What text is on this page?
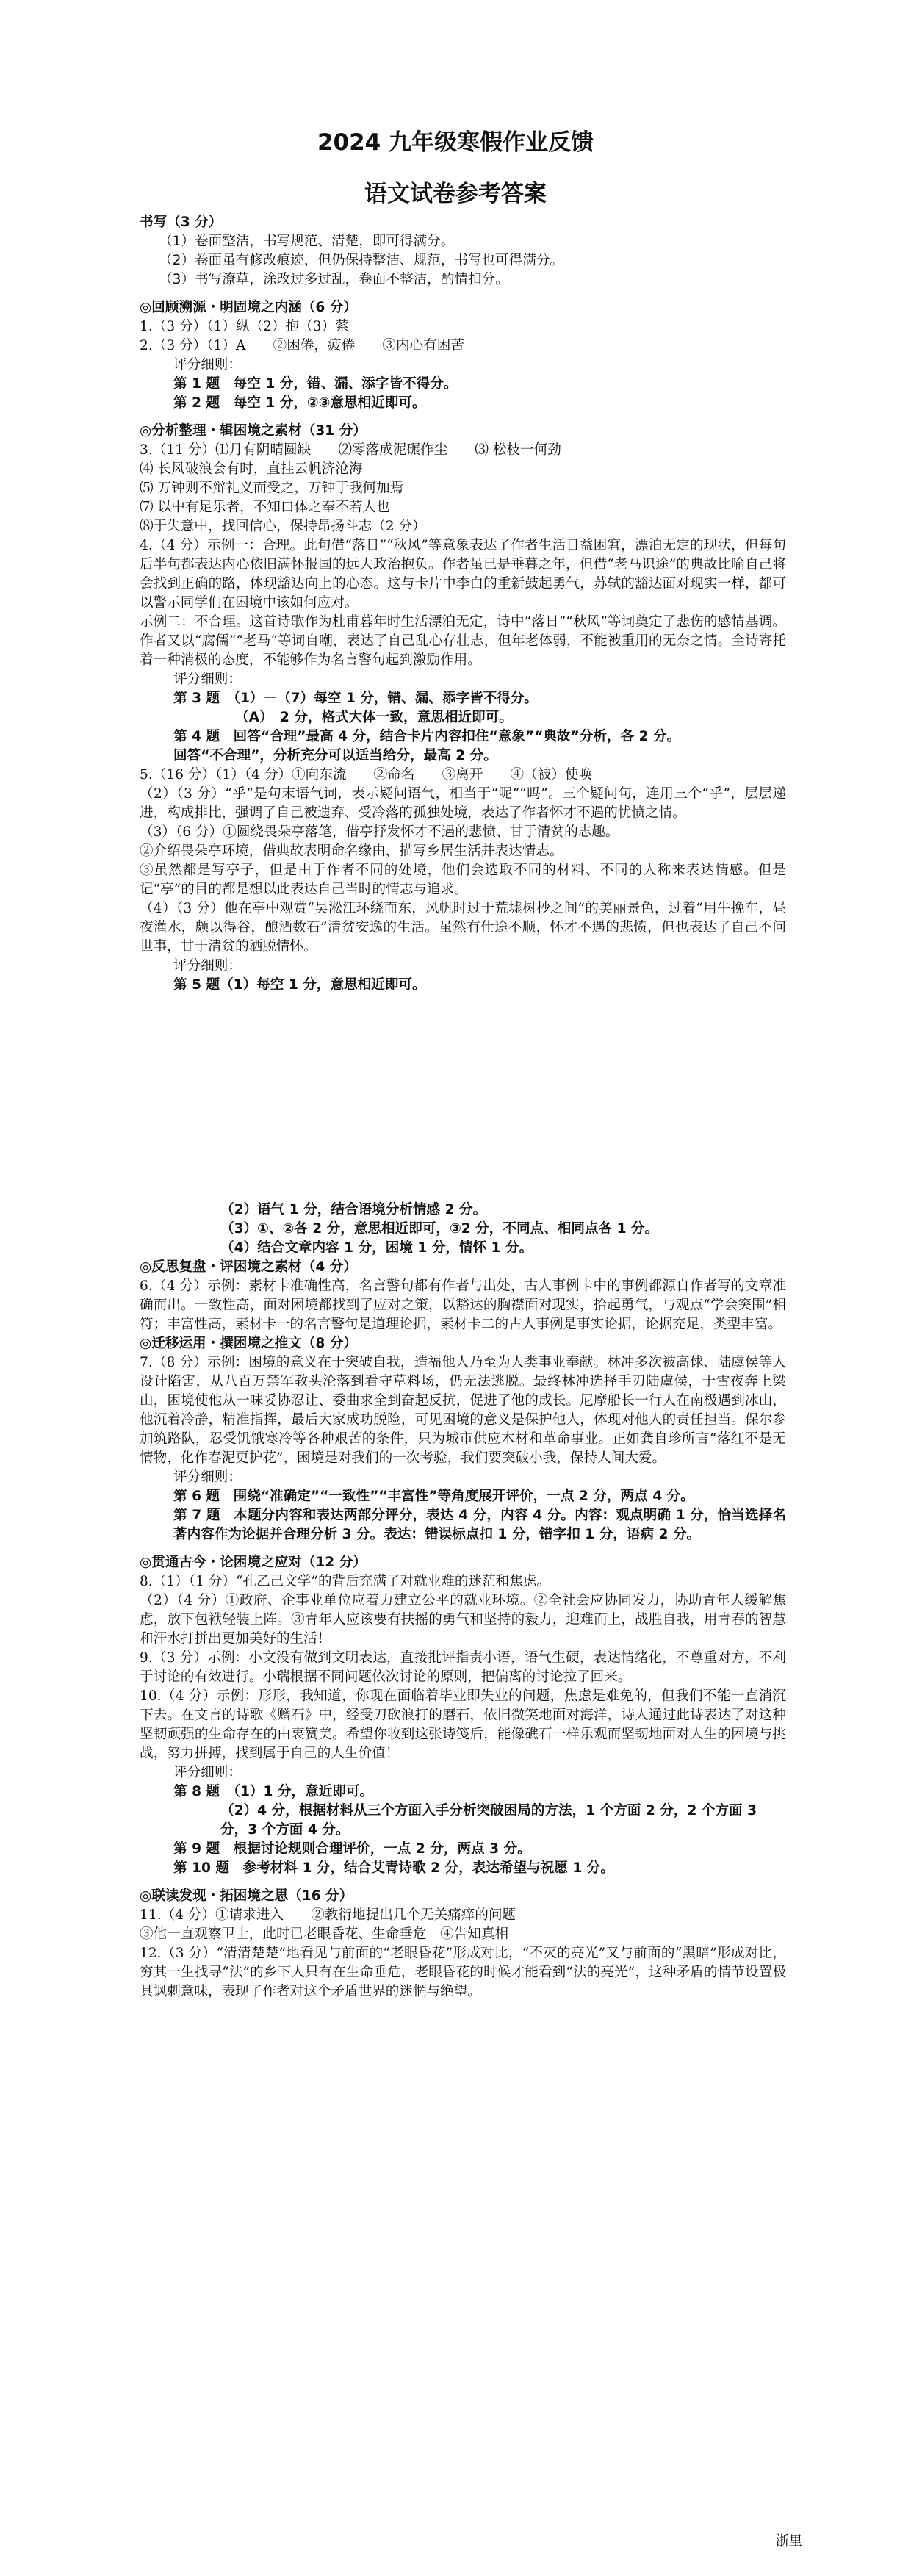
2024 九年级寒假作业反馈
语文试卷参考答案

书写（3 分）

（1）卷面整洁，书写规范、清楚，即可得满分。

（2）卷面虽有修改痕迹，但仍保持整洁、规范，书写也可得满分。

（3）书写潦草，涂改过多过乱，卷面不整洁，酌情扣分。

◎回顾溯源・明固境之内涵（6 分）

1.（3 分）（1）纵（2）抱（3）萦

2.（3 分）（1）A　　②困倦，疲倦　　③内心有困苦

评分细则：

第 1 题　每空 1 分，错、漏、添字皆不得分。

第 2 题　每空 1 分，②③意思相近即可。

◎分析整理・辑困境之素材（31 分）

3.（11 分）⑴月有阴晴圆缺　　⑵零落成泥碾作尘　　⑶ 松枝一何劲

⑷ 长风破浪会有时，直挂云帆济沧海

⑸ 万钟则不辩礼义而受之，万钟于我何加焉

⑺ 以中有足乐者，不知口体之奉不若人也

⑻于失意中，找回信心，保持昂扬斗志（2 分）

4.（4 分）示例一：合理。此句借“落日”“秋风”等意象表达了作者生活日益困窘，漂泊无定的现状，但每句后半句都表达内心依旧满怀报国的远大政治抱负。作者虽已是垂暮之年，但借“老马识途”的典故比喻自己将会找到正确的路，体现豁达向上的心态。这与卡片中李白的重新鼓起勇气，苏轼的豁达面对现实一样，都可以警示同学们在困境中该如何应对。

示例二：不合理。这首诗歌作为杜甫暮年时生活漂泊无定，诗中“落日”“秋风”等词奠定了悲伤的感情基调。作者又以“腐儒”“老马”等词自嘲，表达了自己乱心存壮志，但年老体弱，不能被重用的无奈之情。全诗寄托着一种消极的态度，不能够作为名言警句起到激励作用。

评分细则：

第 3 题　（1）－（7）每空 1 分，错、漏、添字皆不得分。

（A）　2 分，格式大体一致，意思相近即可。

第 4 题　回答“合理”最高 4 分，结合卡片内容扣住“意象”“典故”分析，各 2 分。

回答“不合理”，分析充分可以适当给分，最高 2 分。

5.（16 分）（1）（4 分）①向东流　　②命名　　③离开　　④（被）使唤

（2）（3 分）“乎”是句末语气词，表示疑问语气，相当于“呢”“吗”。三个疑问句，连用三个“乎”，层层递进，构成排比，强调了自己被遗弃、受冷落的孤独处境，表达了作者怀才不遇的忧愤之情。

（3）（6 分）①圆绕畏朵亭落笔，借亭抒发怀才不遇的悲愤、甘于清贫的志趣。

②介绍畏朵亭环境，借典故表明命名缘由，描写乡居生活并表达情志。

③虽然都是写亭子，但是由于作者不同的处境，他们会选取不同的材料、不同的人称来表达情感。但是记“亭”的目的都是想以此表达自己当时的情志与追求。

（4）（3 分）他在亭中观赏“吴淞江环绕而东，风帆时过于荒墟树杪之间”的美丽景色，过着“用牛挽车，昼夜灌水，颇以得谷，酿酒数石”清贫安逸的生活。虽然有仕途不顺，怀才不遇的悲愤，但也表达了自己不问世事，甘于清贫的洒脱情怀。

评分细则：

第 5 题（1）每空 1 分，意思相近即可。

（2）语气 1 分，结合语境分析情感 2 分。

（3）①、②各 2 分，意思相近即可，③2 分，不同点、相同点各 1 分。

（4）结合文章内容 1 分，困境 1 分，情怀 1 分。

◎反思复盘・评困境之素材（4 分）

6.（4 分）示例：素材卡准确性高，名言警句都有作者与出处，古人事例卡中的事例都源自作者写的文章准确而出。一致性高，面对困境都找到了应对之策，以豁达的胸襟面对现实，拾起勇气，与观点“学会突围”相符；丰富性高，素材卡一的名言警句是道理论据，素材卡二的古人事例是事实论据，论据充足，类型丰富。

◎迁移运用・撰困境之推文（8 分）

7.（8 分）示例：困境的意义在于突破自我，造福他人乃至为人类事业奉献。林冲多次被高俅、陆虞侯等人设计陷害，从八百万禁军教头沦落到看守草料场，仍无法逃脱。最终林冲选择手刃陆虞侯，于雪夜奔上梁山，困境使他从一味妥协忍让、委曲求全到奋起反抗，促进了他的成长。尼摩船长一行人在南极遇到冰山，他沉着冷静，精准指挥，最后大家成功脱险，可见困境的意义是保护他人，体现对他人的责任担当。保尔参加筑路队，忍受饥饿寒冷等各种艰苦的条件，只为城市供应木材和革命事业。正如龚自珍所言“落红不是无情物，化作春泥更护花”，困境是对我们的一次考验，我们要突破小我，保持人间大爱。

评分细则：

第 6 题　围绕“准确定”“一致性”“丰富性”等角度展开评价，一点 2 分，两点 4 分。

第 7 题　本题分内容和表达两部分评分，表达 4 分，内容 4 分。内容：观点明确 1 分，恰当选择名著内容作为论据并合理分析 3 分。表达：错误标点扣 1 分，错字扣 1 分，语病 2 分。

◎贯通古今・论困境之应对（12 分）

8.（1）（1 分）“孔乙己文学”的背后充满了对就业难的迷茫和焦虑。

（2）（4 分）①政府、企事业单位应着力建立公平的就业环境。②全社会应协同发力，协助青年人缓解焦虑，放下包袱轻装上阵。③青年人应该要有扶摇的勇气和坚持的毅力，迎难而上，战胜自我，用青春的智慧和汗水打拼出更加美好的生活！

9.（3 分）示例：小文没有做到文明表达，直接批评指责小语，语气生硬，表达情绪化，不尊重对方，不利于讨论的有效进行。小瑞根据不同问题依次讨论的原则，把偏离的讨论拉了回来。

10.（4 分）示例：形形，我知道，你现在面临着毕业即失业的问题，焦虑是难免的，但我们不能一直消沉下去。在文言的诗歌《赠石》中，经受刀砍浪打的磨石，依旧微笑地面对海洋，诗人通过此诗表达了对这种坚韧顽强的生命存在的由衷赞美。希望你收到这张诗笺后，能像礁石一样乐观而坚韧地面对人生的困境与挑战，努力拼搏，找到属于自己的人生价值！

评分细则：

第 8 题　（1）1 分，意近即可。

（2）4 分，根据材料从三个方面入手分析突破困局的方法，1 个方面 2 分，2 个方面 3 分，3 个方面 4 分。

第 9 题　根据讨论规则合理评价，一点 2 分，两点 3 分。

第 10 题　参考材料 1 分，结合艾青诗歌 2 分，表达希望与祝愿 1 分。

◎联读发现・拓困境之思（16 分）

11.（4 分）①请求进入　　②教衍地提出几个无关痛痒的问题

③他一直观察卫士，此时已老眼昏花、生命垂危　④告知真相

12.（3 分）“清清楚楚”地看见与前面的“老眼昏花”形成对比，“不灭的亮光”又与前面的“黑暗”形成对比，穷其一生找寻“法”的乡下人只有在生命垂危，老眼昏花的时候才能看到“法的亮光”，这种矛盾的情节设置极具讽刺意味，表现了作者对这个矛盾世界的迷惘与绝望。

浙里
